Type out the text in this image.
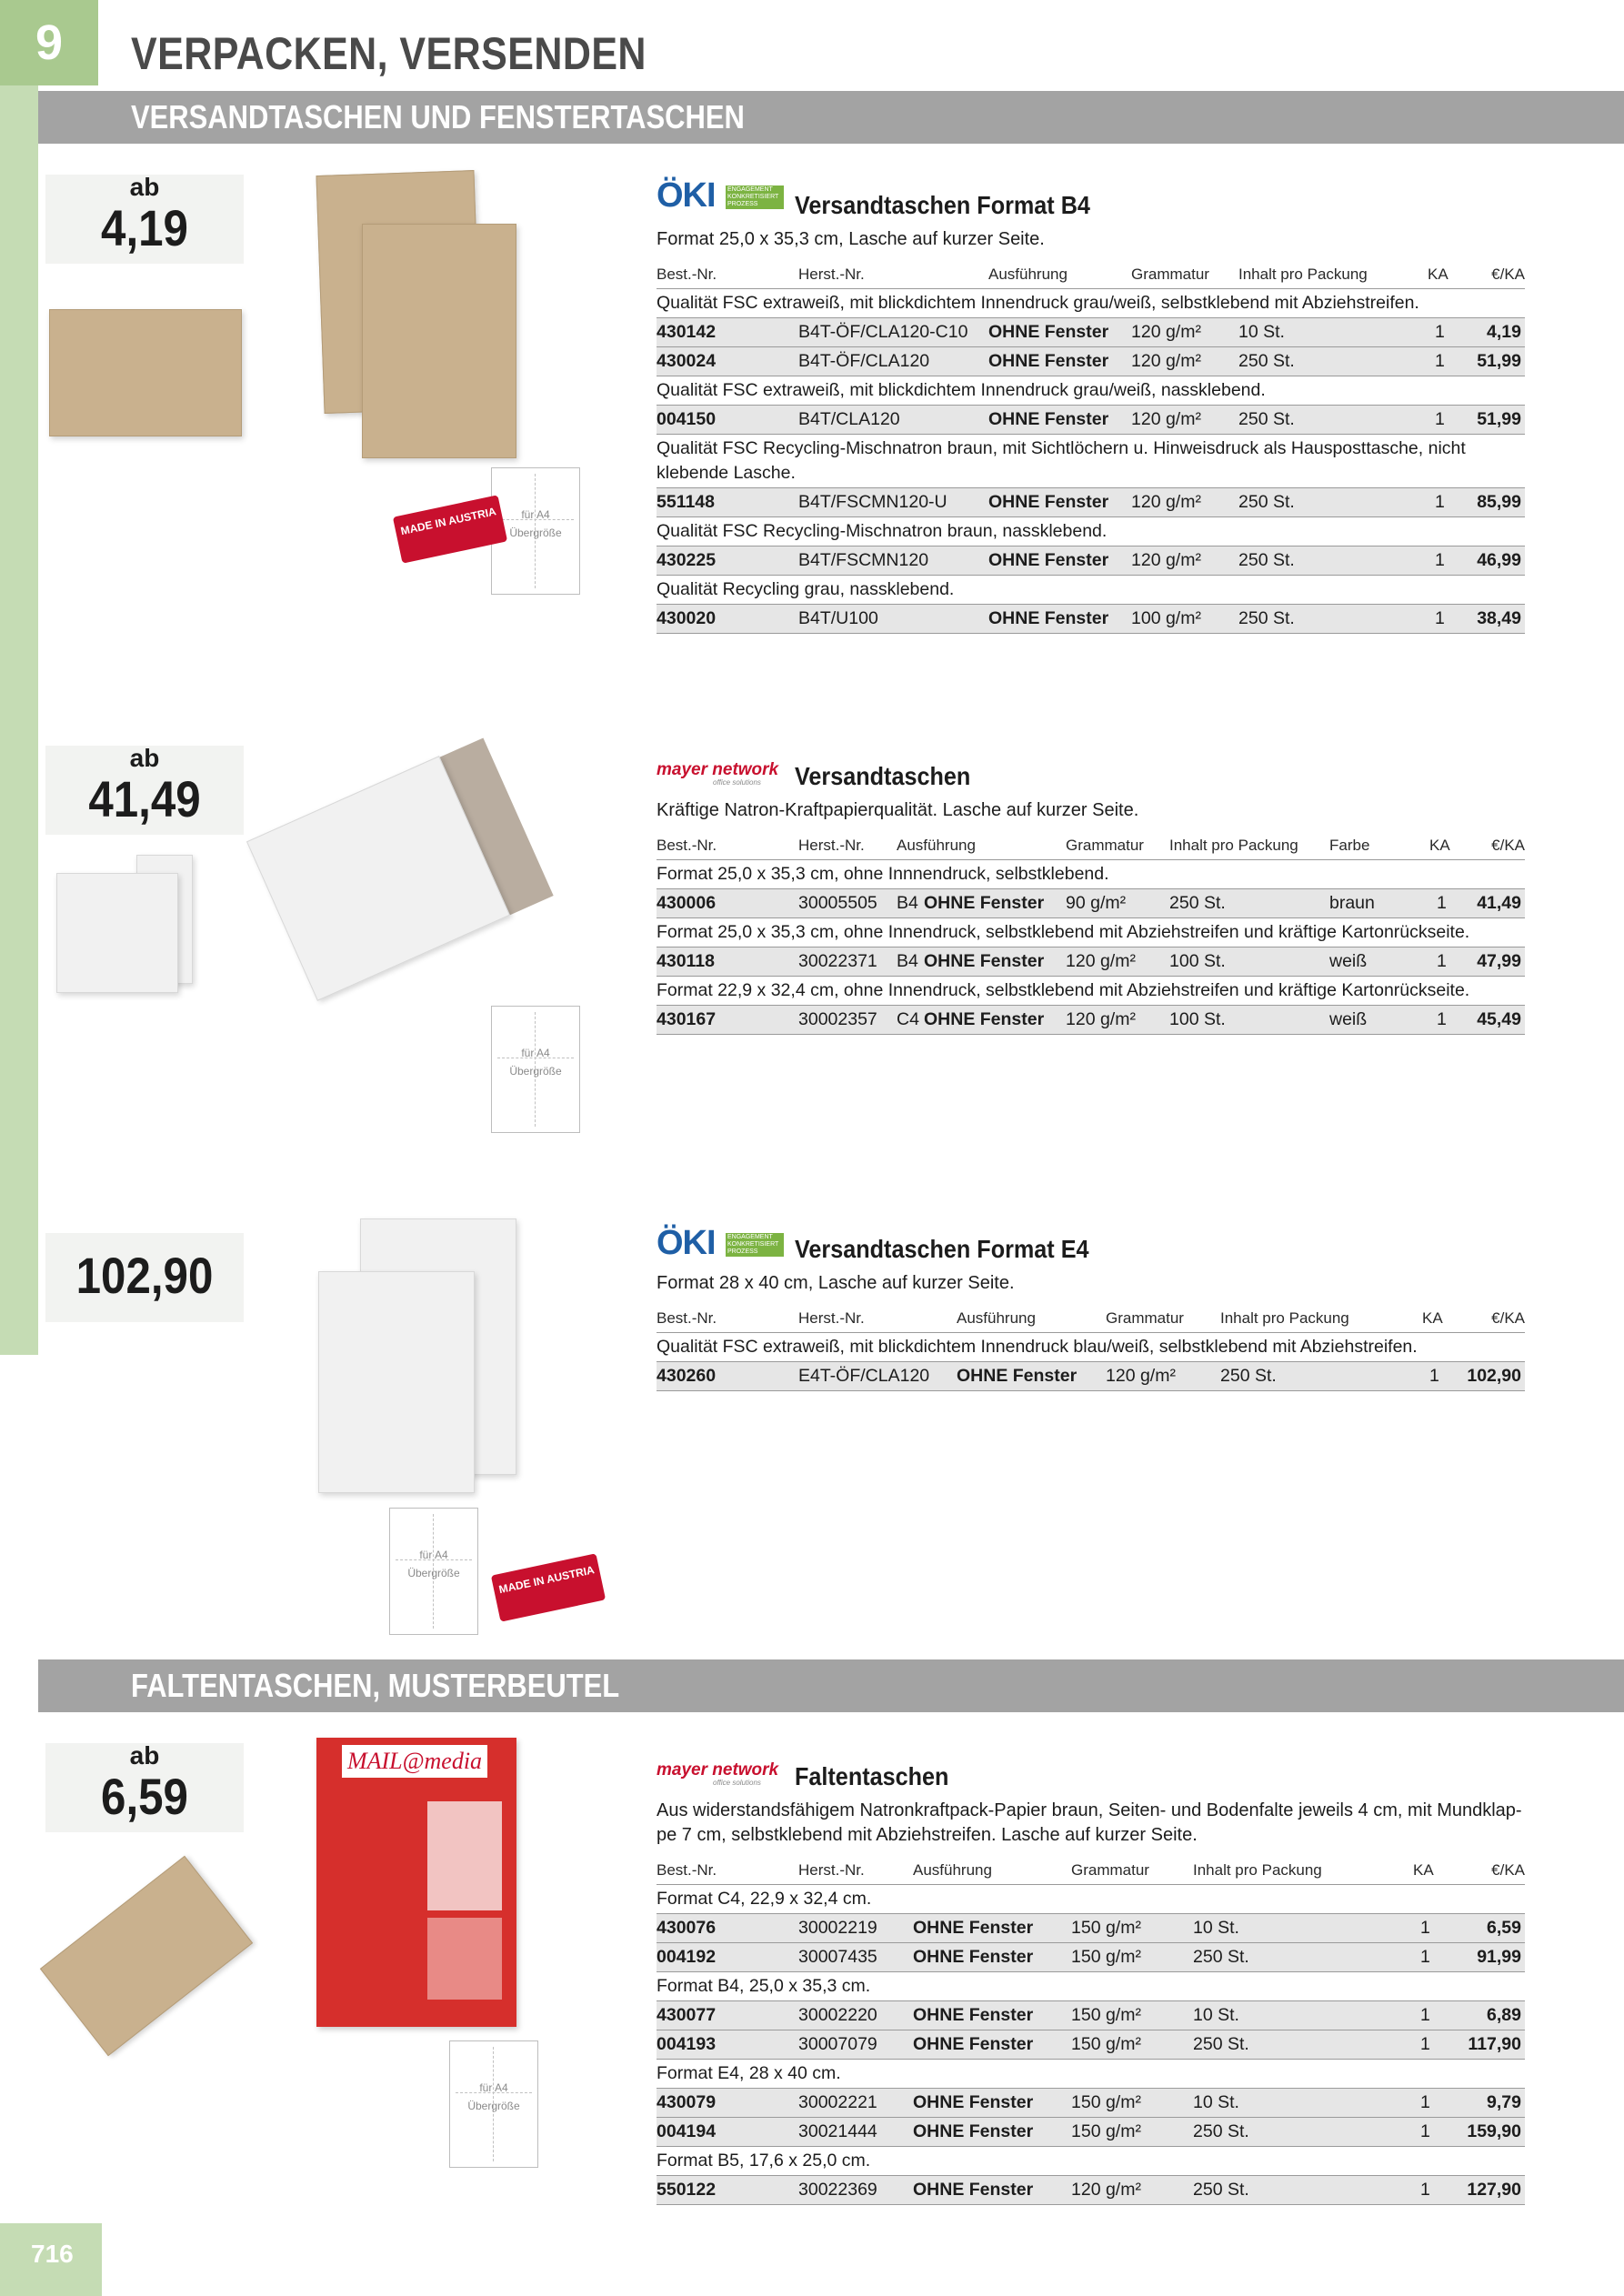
9
716
VERPACKEN, VERSENDEN
VERSANDTASCHEN UND FENSTERTASCHEN
FALTENTASCHEN, MUSTERBEUTEL
ab
4,19
für A4
Übergröße
MADE IN AUSTRIA
ÖKI ENGAGEMENT KONKRETISIERT PROZESS	Versandtaschen Format B4
Format 25,0 x 35,3 cm, Lasche auf kurzer Seite.
Best.-Nr.	Herst.-Nr.	Ausführung	Grammatur Inhalt pro Packung	KA	€/KA
Qualität FSC extraweiß, mit blickdichtem Innendruck grau/weiß, selbstklebend mit Abziehstreifen.
430142	B4T-ÖF/CLA120-C10 OHNE Fenster 120 g/m² 10 St.	1 4,19
430024	B4T-ÖF/CLA120	OHNE Fenster 120 g/m² 250 St.	1 51,99
Qualität FSC extraweiß, mit blickdichtem Innendruck grau/weiß, nassklebend.
004150	B4T/CLA120	OHNE Fenster 120 g/m² 250 St.	1 51,99
Qualität FSC Recycling-Mischnatron braun, mit Sichtlöchern u. Hinweisdruck als Hausposttasche, nicht klebende Lasche.
551148	B4T/FSCMN120-U OHNE Fenster 120 g/m² 250 St.	1 85,99
Qualität FSC Recycling-Mischnatron braun, nassklebend.
430225	B4T/FSCMN120	OHNE Fenster 120 g/m² 250 St.	1 46,99
Qualität Recycling grau, nassklebend.
430020	B4T/U100	OHNE Fenster 100 g/m² 250 St.	1 38,49
ab
41,49
für A4
Übergröße
mayer network
office solutions Versandtaschen
Kräftige Natron-Kraftpapierqualität. Lasche auf kurzer Seite.
Best.-Nr.	Herst.-Nr. Ausführung	Grammatur Inhalt pro Packung Farbe	KA	€/KA
Format 25,0 x 35,3 cm, ohne Innnendruck, selbstklebend.
430006	30005505 B4 OHNE Fenster 90 g/m² 250 St.	braun	1 41,49
Format 25,0 x 35,3 cm, ohne Innendruck, selbstklebend mit Abziehstreifen und kräftige Kartonrückseite.
430118	30022371 B4 OHNE Fenster 120 g/m² 100 St.	weiß	1 47,99
Format 22,9 x 32,4 cm, ohne Innendruck, selbstklebend mit Abziehstreifen und kräftige Kartonrückseite.
430167	30002357 C4 OHNE Fenster 120 g/m² 100 St.	weiß	1 45,49
102,90
für A4
Übergröße	MADE IN AUSTRIA
ÖKI ENGAGEMENT KONKRETISIERT PROZESS	Versandtaschen Format E4
Format 28 x 40 cm, Lasche auf kurzer Seite.
Best.-Nr.	Herst.-Nr.	Ausführung	Grammatur Inhalt pro Packung	KA	€/KA
Qualität FSC extraweiß, mit blickdichtem Innendruck blau/weiß, selbstklebend mit Abziehstreifen.
430260	E4T-ÖF/CLA120 OHNE Fenster 120 g/m²	250 St.	1 102,90
ab
6,59
MAIL@media
für A4
Übergröße
mayer network
office solutions Faltentaschen
Aus widerstandsfähigem Natronkraftpack-Papier braun, Seiten- und Bodenfalte jeweils 4 cm, mit Mundklap-pe 7 cm, selbstklebend mit Abziehstreifen. Lasche auf kurzer Seite.
Best.-Nr.	Herst.-Nr.	Ausführung	Grammatur	Inhalt pro Packung	KA	€/KA
Format C4, 22,9 x 32,4 cm.
430076	30002219 OHNE Fenster 150 g/m²	10 St.	1	6,59
004192	30007435 OHNE Fenster 150 g/m²	250 St.	1	91,99
Format B4, 25,0 x 35,3 cm.
430077	30002220 OHNE Fenster 150 g/m²	10 St.	1	6,89
004193	30007079 OHNE Fenster 150 g/m²	250 St.	1 117,90
Format E4, 28 x 40 cm.
430079	30002221 OHNE Fenster 150 g/m²	10 St.	1	9,79
004194	30021444 OHNE Fenster 150 g/m²	250 St.	1 159,90
Format B5, 17,6 x 25,0 cm.
550122	30022369 OHNE Fenster 120 g/m²	250 St.	1 127,90
